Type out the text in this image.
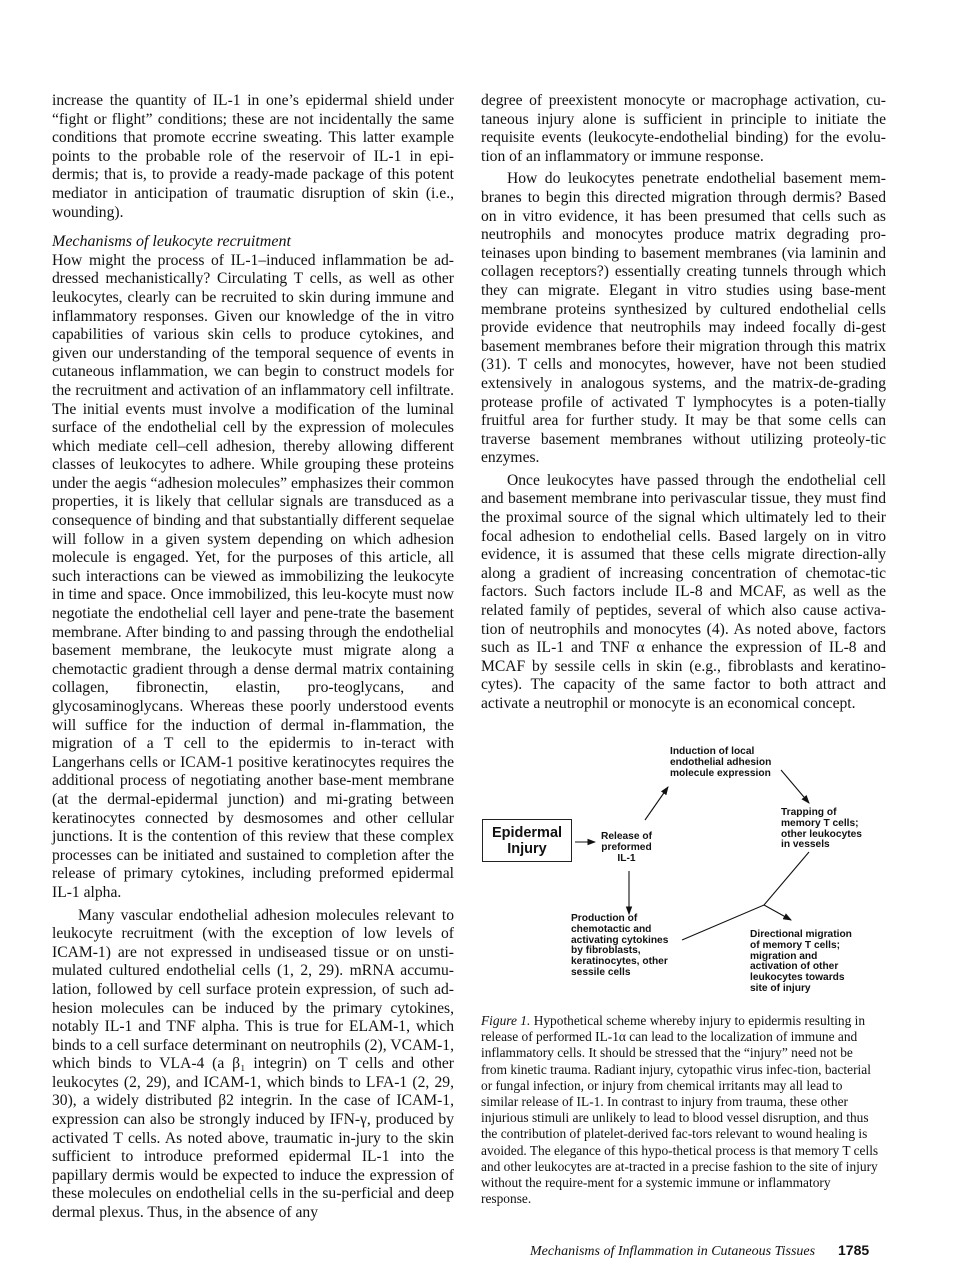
increase the quantity of IL-1 in one’s epidermal shield under “fight or flight” conditions; these are not incidentally the same conditions that promote eccrine sweating. This latter example points to the probable role of the reservoir of IL-1 in epi-dermis; that is, to provide a ready-made package of this potent mediator in anticipation of traumatic disruption of skin (i.e., wounding).

Mechanisms of leukocyte recruitment

How might the process of IL-1–induced inflammation be ad-dressed mechanistically? Circulating T cells, as well as other leukocytes, clearly can be recruited to skin during immune and inflammatory responses. Given our knowledge of the in vitro capabilities of various skin cells to produce cytokines, and given our understanding of the temporal sequence of events in cutaneous inflammation, we can begin to construct models for the recruitment and activation of an inflammatory cell infiltrate. The initial events must involve a modification of the luminal surface of the endothelial cell by the expression of molecules which mediate cell–cell adhesion, thereby allowing different classes of leukocytes to adhere. While grouping these proteins under the aegis “adhesion molecules” emphasizes their common properties, it is likely that cellular signals are transduced as a consequence of binding and that substantially different sequelae will follow in a given system depending on which adhesion molecule is engaged. Yet, for the purposes of this article, all such interactions can be viewed as immobilizing the leukocyte in time and space. Once immobilized, this leu-kocyte must now negotiate the endothelial cell layer and pene-trate the basement membrane. After binding to and passing through the endothelial basement membrane, the leukocyte must migrate along a chemotactic gradient through a dense dermal matrix containing collagen, fibronectin, elastin, pro-teoglycans, and glycosaminoglycans. Whereas these poorly understood events will suffice for the induction of dermal in-flammation, the migration of a T cell to the epidermis to in-teract with Langerhans cells or ICAM-1 positive keratinocytes requires the additional process of negotiating another base-ment membrane (at the dermal-epidermal junction) and mi-grating between keratinocytes connected by desmosomes and other cellular junctions. It is the contention of this review that these complex processes can be initiated and sustained to completion after the release of primary cytokines, including preformed epidermal IL-1 alpha.

Many vascular endothelial adhesion molecules relevant to leukocyte recruitment (with the exception of low levels of ICAM-1) are not expressed in undiseased tissue or on unsti-mulated cultured endothelial cells (1, 2, 29). mRNA accumu-lation, followed by cell surface protein expression, of such ad-hesion molecules can be induced by the primary cytokines, notably IL-1 and TNF alpha. This is true for ELAM-1, which binds to a cell surface determinant on neutrophils (2), VCAM-1, which binds to VLA-4 (a β₁ integrin) on T cells and other leukocytes (2, 29), and ICAM-1, which binds to LFA-1 (2, 29, 30), a widely distributed β2 integrin. In the case of ICAM-1, expression can also be strongly induced by IFN-γ, produced by activated T cells. As noted above, traumatic in-jury to the skin sufficient to introduce preformed epidermal IL-1 into the papillary dermis would be expected to induce the expression of these molecules on endothelial cells in the su-perficial and deep dermal plexus. Thus, in the absence of any

degree of preexistent monocyte or macrophage activation, cu-taneous injury alone is sufficient in principle to initiate the requisite events (leukocyte-endothelial binding) for the evolu-tion of an inflammatory or immune response.

How do leukocytes penetrate endothelial basement mem-branes to begin this directed migration through dermis? Based on in vitro evidence, it has been presumed that cells such as neutrophils and monocytes produce matrix degrading pro-teinases upon binding to basement membranes (via laminin and collagen receptors?) essentially creating tunnels through which they can migrate. Elegant in vitro studies using base-ment membrane proteins synthesized by cultured endothelial cells provide evidence that neutrophils may indeed focally di-gest basement membranes before their migration through this matrix (31). T cells and monocytes, however, have not been studied extensively in analogous systems, and the matrix-de-grading protease profile of activated T lymphocytes is a poten-tially fruitful area for further study. It may be that some cells can traverse basement membranes without utilizing proteoly-tic enzymes.

Once leukocytes have passed through the endothelial cell and basement membrane into perivascular tissue, they must find the proximal source of the signal which ultimately led to their focal adhesion to endothelial cells. Based largely on in vitro evidence, it is assumed that these cells migrate direction-ally along a gradient of increasing concentration of chemotac-tic factors. Such factors include IL-8 and MCAF, as well as the related family of peptides, several of which also cause activa-tion of neutrophils and monocytes (4). As noted above, factors such as IL-1 and TNF α enhance the expression of IL-8 and MCAF by sessile cells in skin (e.g., fibroblasts and keratino-cytes). The capacity of the same factor to both attract and activate a neutrophil or monocyte is an economical concept.

Epidermal
Injury
Release of
preformed
IL-1
Induction of local
endothelial adhesion
molecule expression
Trapping of
memory T cells;
other leukocytes
in vessels
Production of
chemotactic and
activating cytokines
by fibroblasts,
keratinocytes, other
sessile cells
Directional migration
of memory T cells;
migration and
activation of other
leukocytes towards
site of injury
Figure 1. Hypothetical scheme whereby injury to epidermis resulting in release of performed IL-1α can lead to the localization of immune and inflammatory cells. It should be stressed that the “injury” need not be from kinetic trauma. Radiant injury, cytopathic virus infec-tion, bacterial or fungal infection, or injury from chemical irritants may all lead to similar release of IL-1. In contrast to injury from trauma, these other injurious stimuli are unlikely to lead to blood vessel disruption, and thus the contribution of platelet-derived fac-tors relevant to wound healing is avoided. The elegance of this hypo-thetical process is that memory T cells and other leukocytes are at-tracted in a precise fashion to the site of injury without the require-ment for a systemic immune or inflammatory response.
Mechanisms of Inflammation in Cutaneous Tissues 1785
